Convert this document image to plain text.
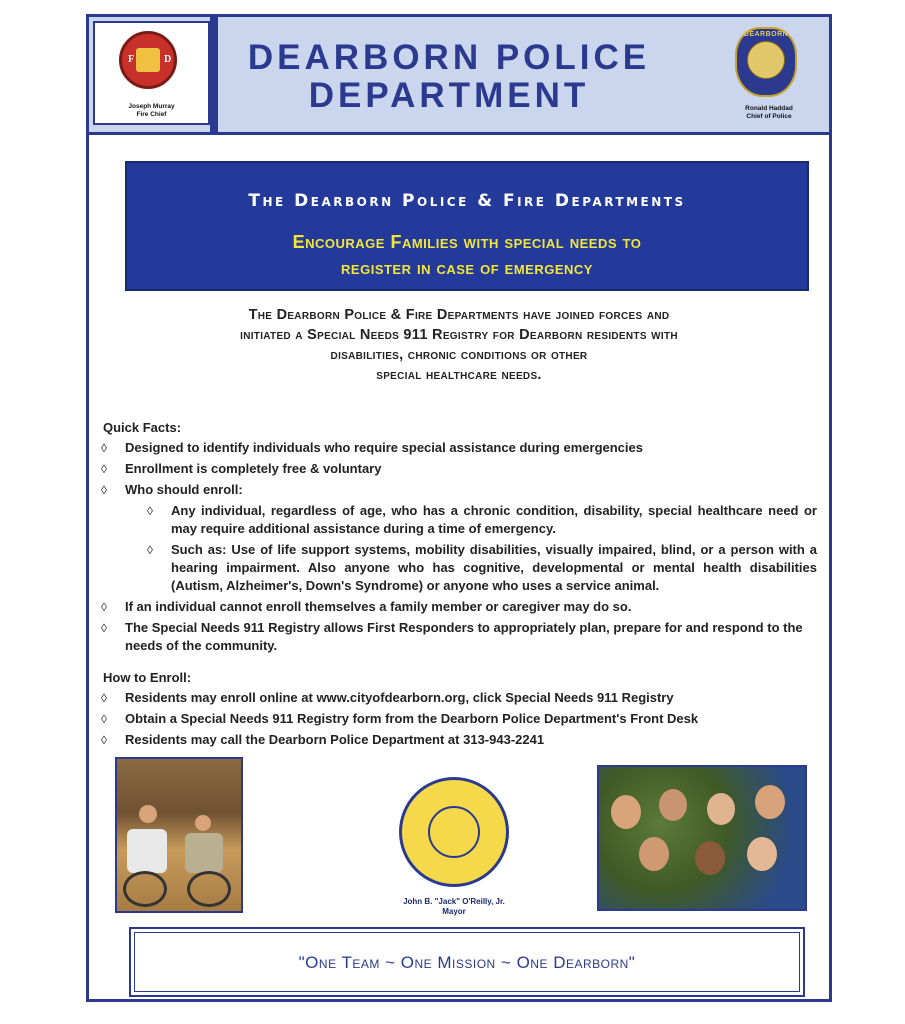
F	D
Joseph Murray
Fire Chief
DEARBORN POLICE
DEPARTMENT
DEARBORN
Ronald Haddad
Chief of Police
The Dearborn Police & Fire Departments
Encourage Families with special needs to
register in case of emergency
The Dearborn Police & Fire Departments have joined forces and
initiated a Special Needs 911 Registry for Dearborn residents with
disabilities, chronic conditions or other
special healthcare needs.
Quick Facts:
◊ Designed to identify individuals who require special assistance during emergencies
◊ Enrollment is completely free & voluntary
◊ Who should enroll:
◊ Any individual, regardless of age, who has a chronic condition, disability, special healthcare need or may require additional assistance during a time of emergency.
◊ Such as: Use of life support systems, mobility disabilities, visually impaired, blind, or a person with a hearing impairment. Also anyone who has cognitive, developmental or mental health disabilities (Autism, Alzheimer's, Down's Syndrome) or anyone who uses a service animal.
◊ If an individual cannot enroll themselves a family member or caregiver may do so.
◊ The Special Needs 911 Registry allows First Responders to appropriately plan, prepare for and respond to the needs of the community.
How to Enroll:
◊ Residents may enroll online at www.cityofdearborn.org, click Special Needs 911 Registry
◊ Obtain a Special Needs 911 Registry form from the Dearborn Police Department's Front Desk
◊ Residents may call the Dearborn Police Department at 313-943-2241
John B. "Jack" O'Reilly, Jr.
Mayor
"One Team ~ One Mission ~ One Dearborn"
